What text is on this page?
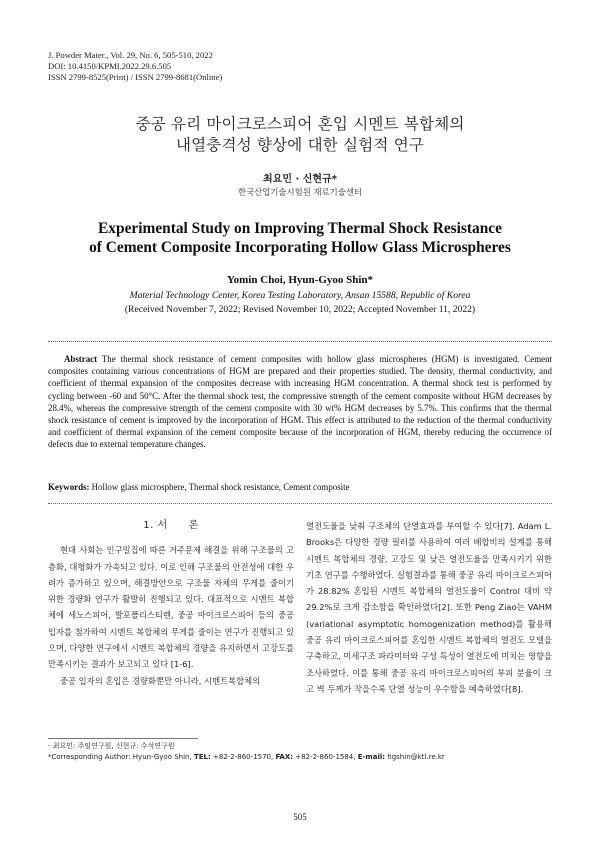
J. Powder Mater., Vol. 29, No. 6, 505-510, 2022
DOI: 10.4150/KPMI.2022.29.6.505
ISSN 2799-8525(Print) / ISSN 2799-8681(Online)
중공 유리 마이크로스피어 혼입 시멘트 복합체의
내열충격성 향상에 대한 실험적 연구
최요민 · 신현규*
한국산업기술시험원 재료기술센터
Experimental Study on Improving Thermal Shock Resistance
of Cement Composite Incorporating Hollow Glass Microspheres
Yomin Choi, Hyun-Gyoo Shin*
Material Technology Center, Korea Testing Laboratory, Ansan 15588, Republic of Korea
(Received November 7, 2022; Revised November 10, 2022; Accepted November 11, 2022)
Abstract The thermal shock resistance of cement composites with hollow glass microspheres (HGM) is investigated. Cement composites containing various concentrations of HGM are prepared and their properties studied. The density, thermal conductivity, and coefficient of thermal expansion of the composites decrease with increasing HGM concentration. A thermal shock test is performed by cycling between -60 and 50°C. After the thermal shock test, the compressive strength of the cement composite without HGM decreases by 28.4%, whereas the compressive strength of the cement composite with 30 wt% HGM decreases by 5.7%. This confirms that the thermal shock resistance of cement is improved by the incorporation of HGM. This effect is attributed to the reduction of the thermal conductivity and coefficient of thermal expansion of the cement composite because of the incorporation of HGM, thereby reducing the occurrence of defects due to external temperature changes.
Keywords: Hollow glass microsphere, Thermal shock resistance, Cement composite
1. 서　　론

현대 사회는 인구밀집에 따른 거주문제 해결을 위해 구조물의 고층화, 대형화가 가속되고 있다. 이로 인해 구조물의 안전성에 대한 우려가 증가하고 있으며, 해결방안으로 구조물 자체의 무게를 줄이기 위한 경량화 연구가 활발히 진행되고 있다. 대표적으로 시멘트 복합체에 세노스피어, 발포폴리스티렌, 중공 마이크로스피어 등의 중공 입자를 첨가하여 시멘트 복합체의 무게를 줄이는 연구가 진행되고 있으며, 다양한 연구에서 시멘트 복합체의 경량을 유지하면서 고강도를 만족시키는 결과가 보고되고 있다 [1-6].

중공 입자의 혼입은 경량화뿐만 아니라, 시멘트복합체의

열전도율을 낮춰 구조체의 단열효과를 부여할 수 있다[7]. Adam L. Brooks은 다양한 경량 필러를 사용하여 여러 배합비의 설계를 통해 시멘트 복합체의 경량, 고강도 및 낮은 열전도율을 만족시키기 위한 기초 연구를 수행하였다. 실험결과를 통해 중공 유리 마이크로스피어가 28.82% 혼입된 시멘트 복합체의 열전도율이 Control 대비 약 29.2%로 크게 감소함을 확인하였다[2]. 또한 Peng Ziao는 VAHM (variational asymptotic homogenization method)를 활용해 중공 유리 마이크로스피어를 혼입한 시멘트 복합체의 열전도 모델을 구축하고, 미세구조 파라미터와 구성 특성이 열전도에 미치는 영향을 조사하였다. 이를 통해 중공 유리 마이크로스피어의 부피 분율이 크고 벽 두께가 작을수록 단열 성능이 우수함을 예측하였다[8].

- 최요민: 주임연구원, 신현규: 수석연구원
*Corresponding Author: Hyun-Gyoo Shin, TEL: +82-2-860-1570, FAX: +82-2-860-1584, E-mail: hgshin@ktl.re.kr
505
